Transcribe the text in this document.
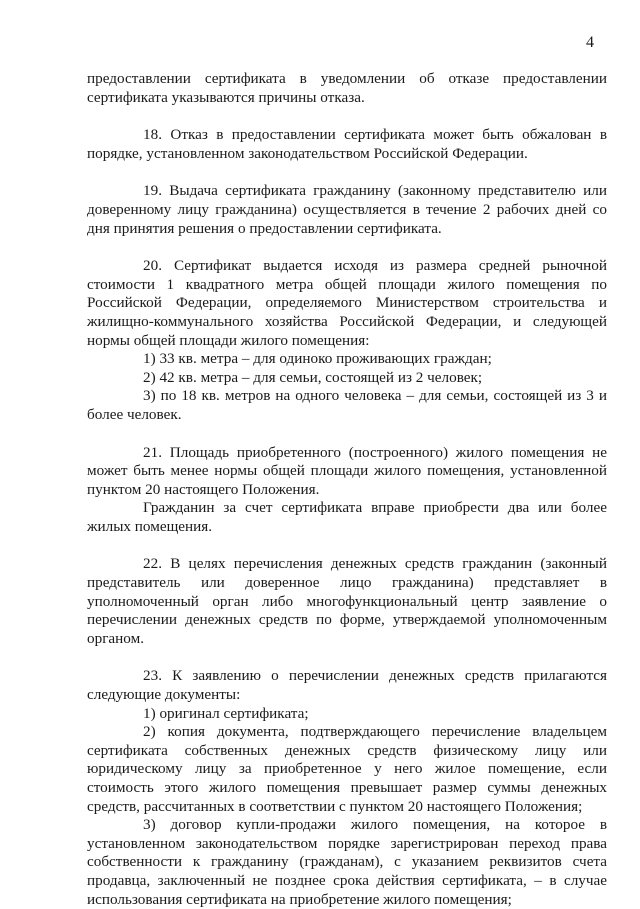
4

предоставлении сертификата в уведомлении об отказе предоставлении сертификата указываются причины отказа.

18. Отказ в предоставлении сертификата может быть обжалован в порядке, установленном законодательством Российской Федерации.

19. Выдача сертификата гражданину (законному представителю или доверенному лицу гражданина) осуществляется в течение 2 рабочих дней со дня принятия решения о предоставлении сертификата.

20. Сертификат выдается исходя из размера средней рыночной стоимости 1 квадратного метра общей площади жилого помещения по Российской Федерации, определяемого Министерством строительства и жилищно-коммунального хозяйства Российской Федерации, и следующей нормы общей площади жилого помещения:

1) 33 кв. метра – для одиноко проживающих граждан;

2) 42 кв. метра – для семьи, состоящей из 2 человек;

3) по 18 кв. метров на одного человека – для семьи, состоящей из 3 и более человек.

21. Площадь приобретенного (построенного) жилого помещения не может быть менее нормы общей площади жилого помещения, установленной пунктом 20 настоящего Положения.

Гражданин за счет сертификата вправе приобрести два или более жилых помещения.

22. В целях перечисления денежных средств гражданин (законный представитель или доверенное лицо гражданина) представляет в уполномоченный орган либо многофункциональный центр заявление о перечислении денежных средств по форме, утверждаемой уполномоченным органом.

23. К заявлению о перечислении денежных средств прилагаются следующие документы:

1) оригинал сертификата;

2) копия документа, подтверждающего перечисление владельцем сертификата собственных денежных средств физическому лицу или юридическому лицу за приобретенное у него жилое помещение, если стоимость этого жилого помещения превышает размер суммы денежных средств, рассчитанных в соответствии с пунктом 20 настоящего Положения;

3) договор купли-продажи жилого помещения, на которое в установленном законодательством порядке зарегистрирован переход права собственности к гражданину (гражданам), с указанием реквизитов счета продавца, заключенный не позднее срока действия сертификата, – в случае использования сертификата на приобретение жилого помещения;
